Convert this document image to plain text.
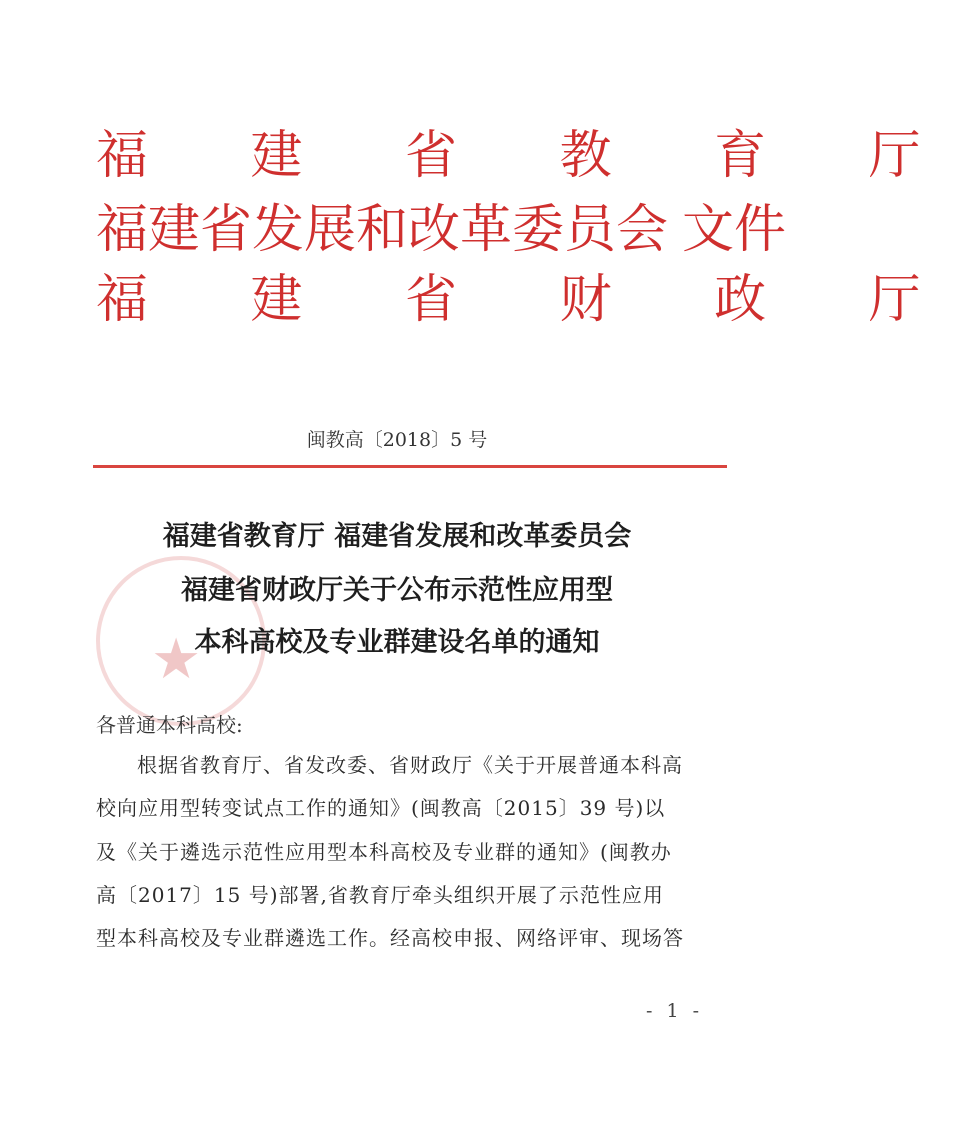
福 建 省 教 育 厅
福建省发展和改革委员会 文件
福 建 省 财 政 厅
闽教高〔2018〕5 号
★
福建省教育厅 福建省发展和改革委员会
福建省财政厅关于公布示范性应用型
本科高校及专业群建设名单的通知
各普通本科高校:
根据省教育厅、省发改委、省财政厅《关于开展普通本科高
校向应用型转变试点工作的通知》(闽教高〔2015〕39 号)以
及《关于遴选示范性应用型本科高校及专业群的通知》(闽教办
高〔2017〕15 号)部署,省教育厅牵头组织开展了示范性应用
型本科高校及专业群遴选工作。经高校申报、网络评审、现场答
- 1 -
